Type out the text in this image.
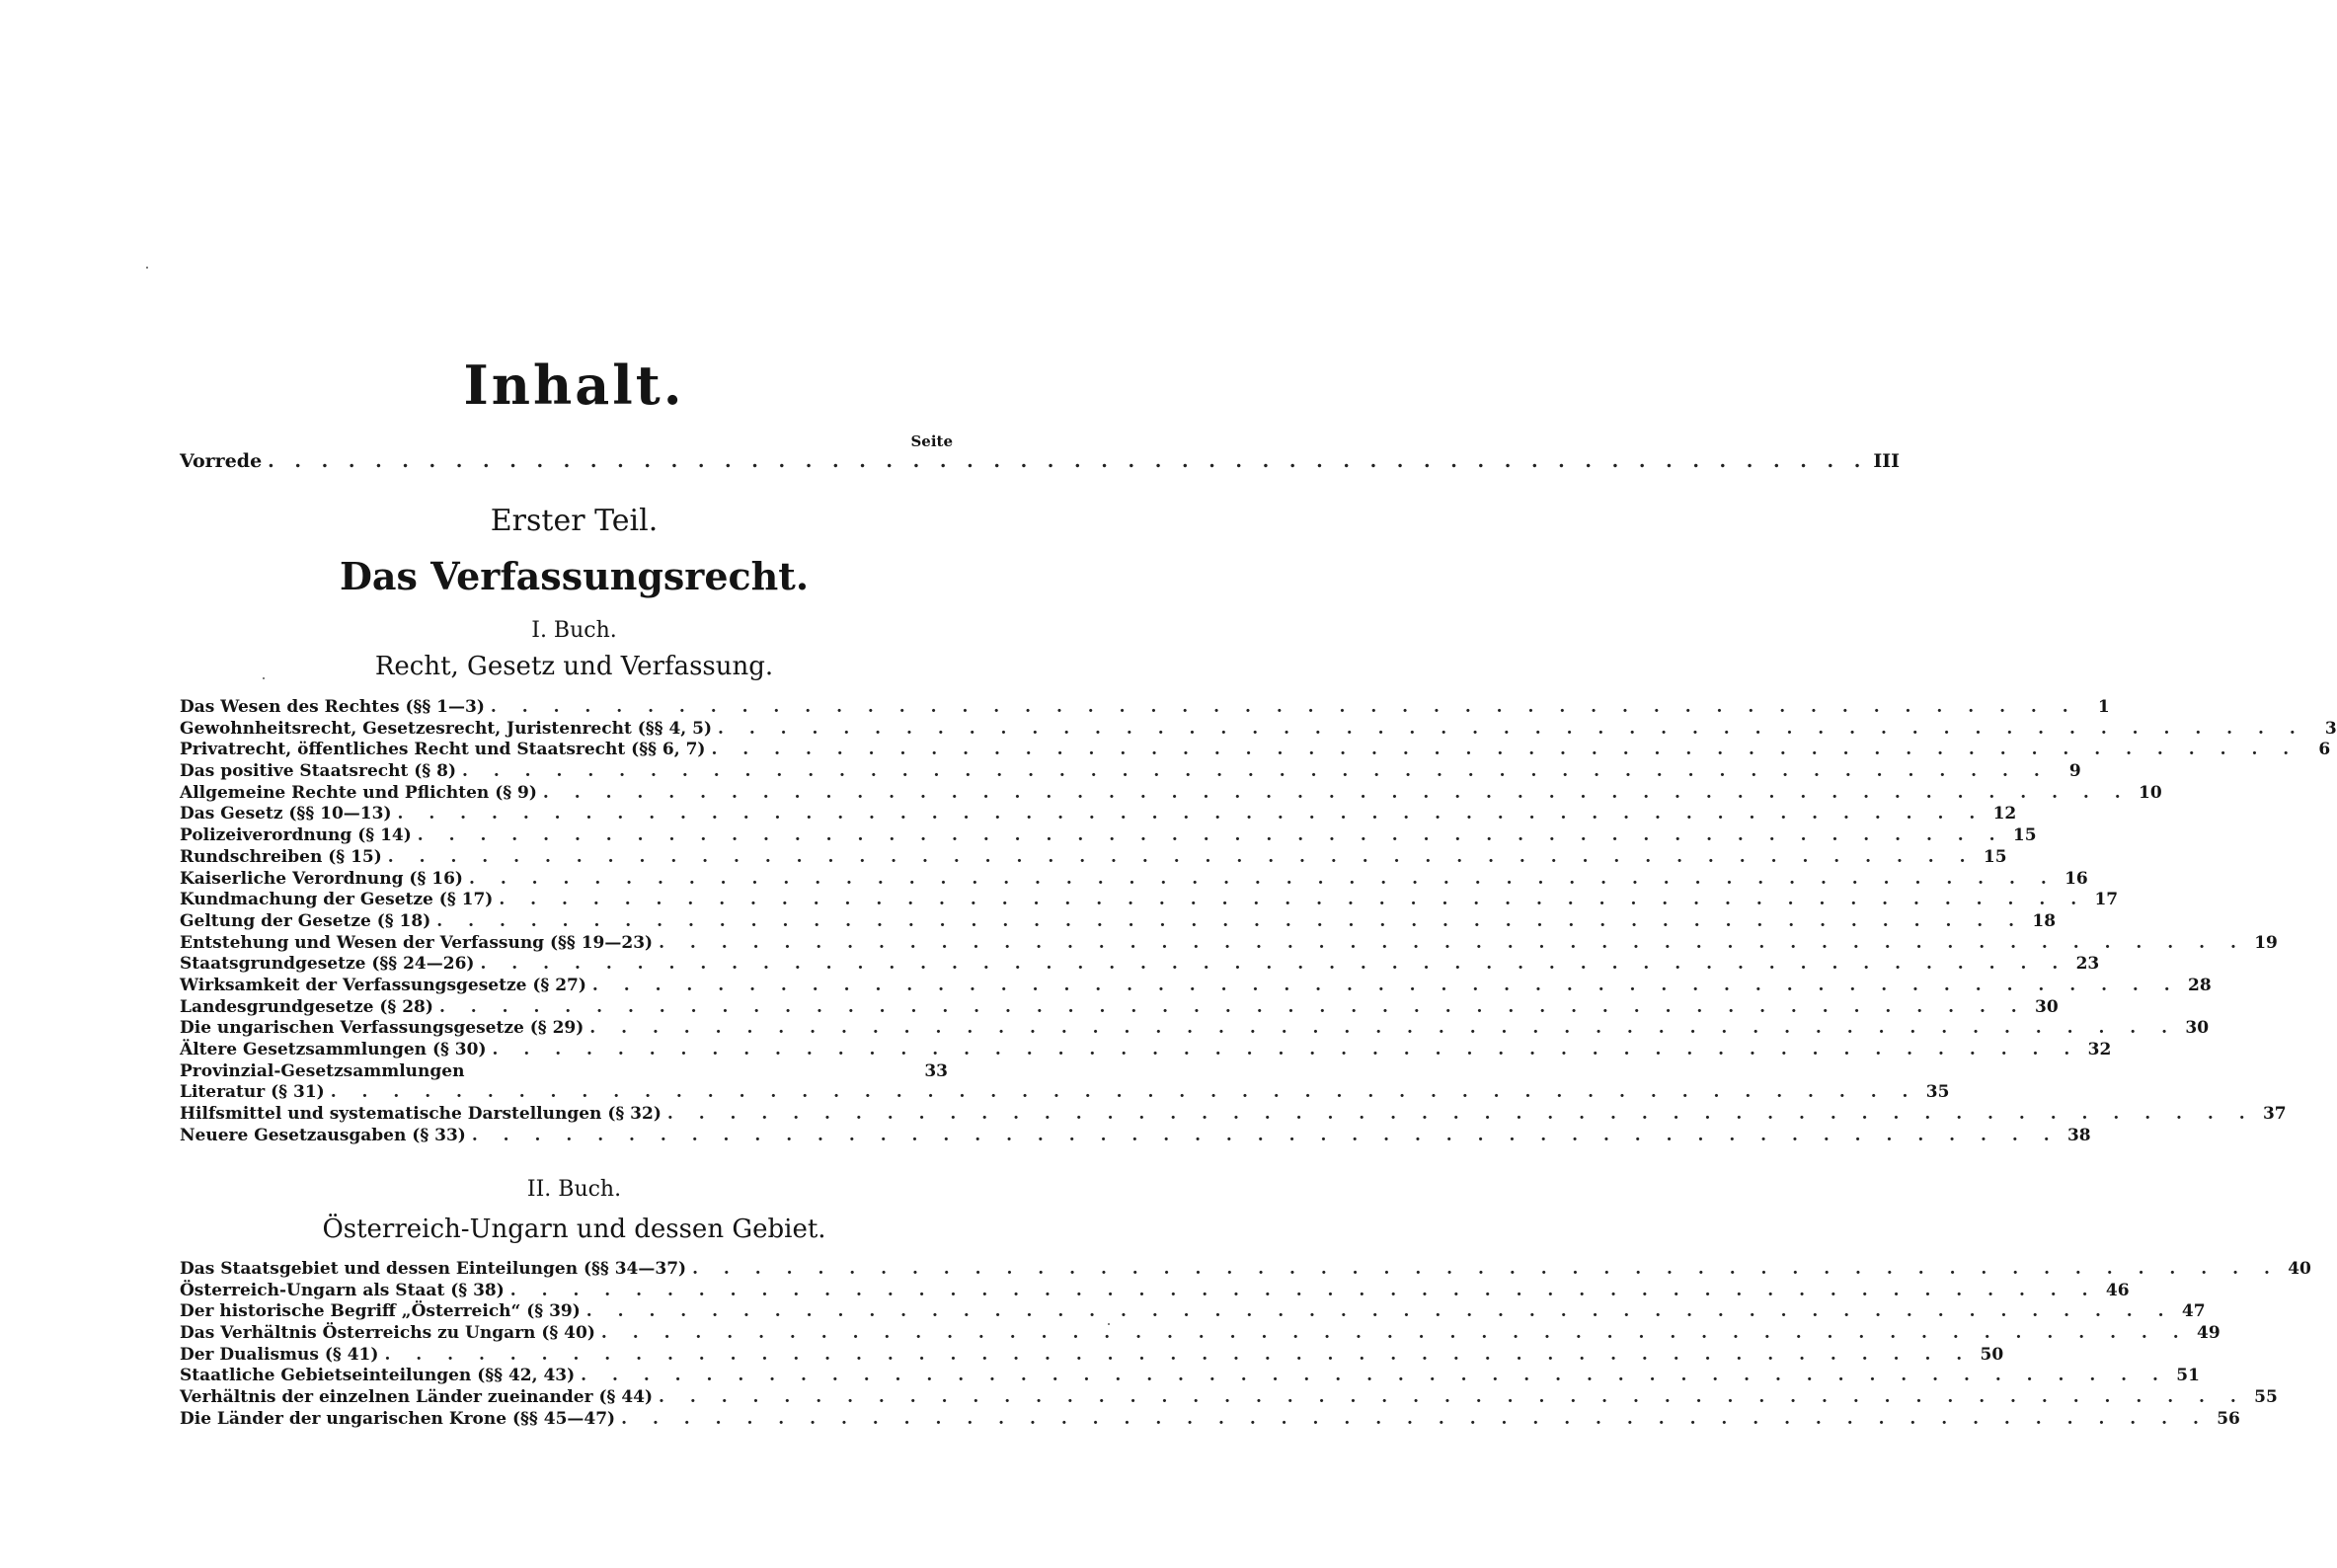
Inhalt.
Seite
Vorrede . . . . . . . . . . . . . . . . . . . . . . . . . . . . . . . . . . . . . . . . . . . . . . . . . . . . . . . . . . . . III
Erster Teil.
Das Verfassungsrecht.
I. Buch.
Recht, Gesetz und Verfassung.
Das Wesen des Rechtes (§§ 1—3) . . . . . . . . . . . . . . . . . . . . . . . . . . . . . . . . . . . . . . . . . . . . . . . . . . .	1
Gewohnheitsrecht, Gesetzesrecht, Juristenrecht (§§ 4, 5) . . . . . . . . . . . . . . . . . . . . . . . . . . . . . . . . . . . . . . . . . . . . . . . . . . .	3
Privatrecht, öffentliches Recht und Staatsrecht (§§ 6, 7) . . . . . . . . . . . . . . . . . . . . . . . . . . . . . . . . . . . . . . . . . . . . . . . . . . .	6
Das positive Staatsrecht (§ 8) . . . . . . . . . . . . . . . . . . . . . . . . . . . . . . . . . . . . . . . . . . . . . . . . . . .	9
Allgemeine Rechte und Pflichten (§ 9) . . . . . . . . . . . . . . . . . . . . . . . . . . . . . . . . . . . . . . . . . . . . . . . . . . . 10
Das Gesetz (§§ 10—13) . . . . . . . . . . . . . . . . . . . . . . . . . . . . . . . . . . . . . . . . . . . . . . . . . . . 12
Polizeiverordnung (§ 14) . . . . . . . . . . . . . . . . . . . . . . . . . . . . . . . . . . . . . . . . . . . . . . . . . . . 15
Rundschreiben (§ 15) . . . . . . . . . . . . . . . . . . . . . . . . . . . . . . . . . . . . . . . . . . . . . . . . . . . 15
Kaiserliche Verordnung (§ 16) . . . . . . . . . . . . . . . . . . . . . . . . . . . . . . . . . . . . . . . . . . . . . . . . . . . 16
Kundmachung der Gesetze (§ 17) . . . . . . . . . . . . . . . . . . . . . . . . . . . . . . . . . . . . . . . . . . . . . . . . . . . 17
Geltung der Gesetze (§ 18) . . . . . . . . . . . . . . . . . . . . . . . . . . . . . . . . . . . . . . . . . . . . . . . . . . . 18
Entstehung und Wesen der Verfassung (§§ 19—23) . . . . . . . . . . . . . . . . . . . . . . . . . . . . . . . . . . . . . . . . . . . . . . . . . . . 19
Staatsgrundgesetze (§§ 24—26) . . . . . . . . . . . . . . . . . . . . . . . . . . . . . . . . . . . . . . . . . . . . . . . . . . . 23
Wirksamkeit der Verfassungsgesetze (§ 27) . . . . . . . . . . . . . . . . . . . . . . . . . . . . . . . . . . . . . . . . . . . . . . . . . . . 28
Landesgrundgesetze (§ 28) . . . . . . . . . . . . . . . . . . . . . . . . . . . . . . . . . . . . . . . . . . . . . . . . . . . 30
Die ungarischen Verfassungsgesetze (§ 29) . . . . . . . . . . . . . . . . . . . . . . . . . . . . . . . . . . . . . . . . . . . . . . . . . . . 30
Ältere Gesetzsammlungen (§ 30) . . . . . . . . . . . . . . . . . . . . . . . . . . . . . . . . . . . . . . . . . . . . . . . . . . . 32
Provinzial-Gesetzsammlungen	33
Literatur (§ 31) . . . . . . . . . . . . . . . . . . . . . . . . . . . . . . . . . . . . . . . . . . . . . . . . . . . 35
Hilfsmittel und systematische Darstellungen (§ 32) . . . . . . . . . . . . . . . . . . . . . . . . . . . . . . . . . . . . . . . . . . . . . . . . . . . 37
Neuere Gesetzausgaben (§ 33) . . . . . . . . . . . . . . . . . . . . . . . . . . . . . . . . . . . . . . . . . . . . . . . . . . . 38
II. Buch.
Österreich-Ungarn und dessen Gebiet.
Das Staatsgebiet und dessen Einteilungen (§§ 34—37) . . . . . . . . . . . . . . . . . . . . . . . . . . . . . . . . . . . . . . . . . . . . . . . . . . . 40
Österreich-Ungarn als Staat (§ 38) . . . . . . . . . . . . . . . . . . . . . . . . . . . . . . . . . . . . . . . . . . . . . . . . . . . 46
Der historische Begriff „Österreich“ (§ 39) . . . . . . . . . . . . . . . . . . . . . . . . . . . . . . . . . . . . . . . . . . . . . . . . . . . 47
Das Verhältnis Österreichs zu Ungarn (§ 40) . . . . . . . . . . . . . . . . . . . . . . . . . . . . . . . . . . . . . . . . . . . . . . . . . . . 49
Der Dualismus (§ 41) . . . . . . . . . . . . . . . . . . . . . . . . . . . . . . . . . . . . . . . . . . . . . . . . . . . 50
Staatliche Gebietseinteilungen (§§ 42, 43) . . . . . . . . . . . . . . . . . . . . . . . . . . . . . . . . . . . . . . . . . . . . . . . . . . . 51
Verhältnis der einzelnen Länder zueinander (§ 44) . . . . . . . . . . . . . . . . . . . . . . . . . . . . . . . . . . . . . . . . . . . . . . . . . . . 55
Die Länder der ungarischen Krone (§§ 45—47) . . . . . . . . . . . . . . . . . . . . . . . . . . . . . . . . . . . . . . . . . . . . . . . . . . . 56
